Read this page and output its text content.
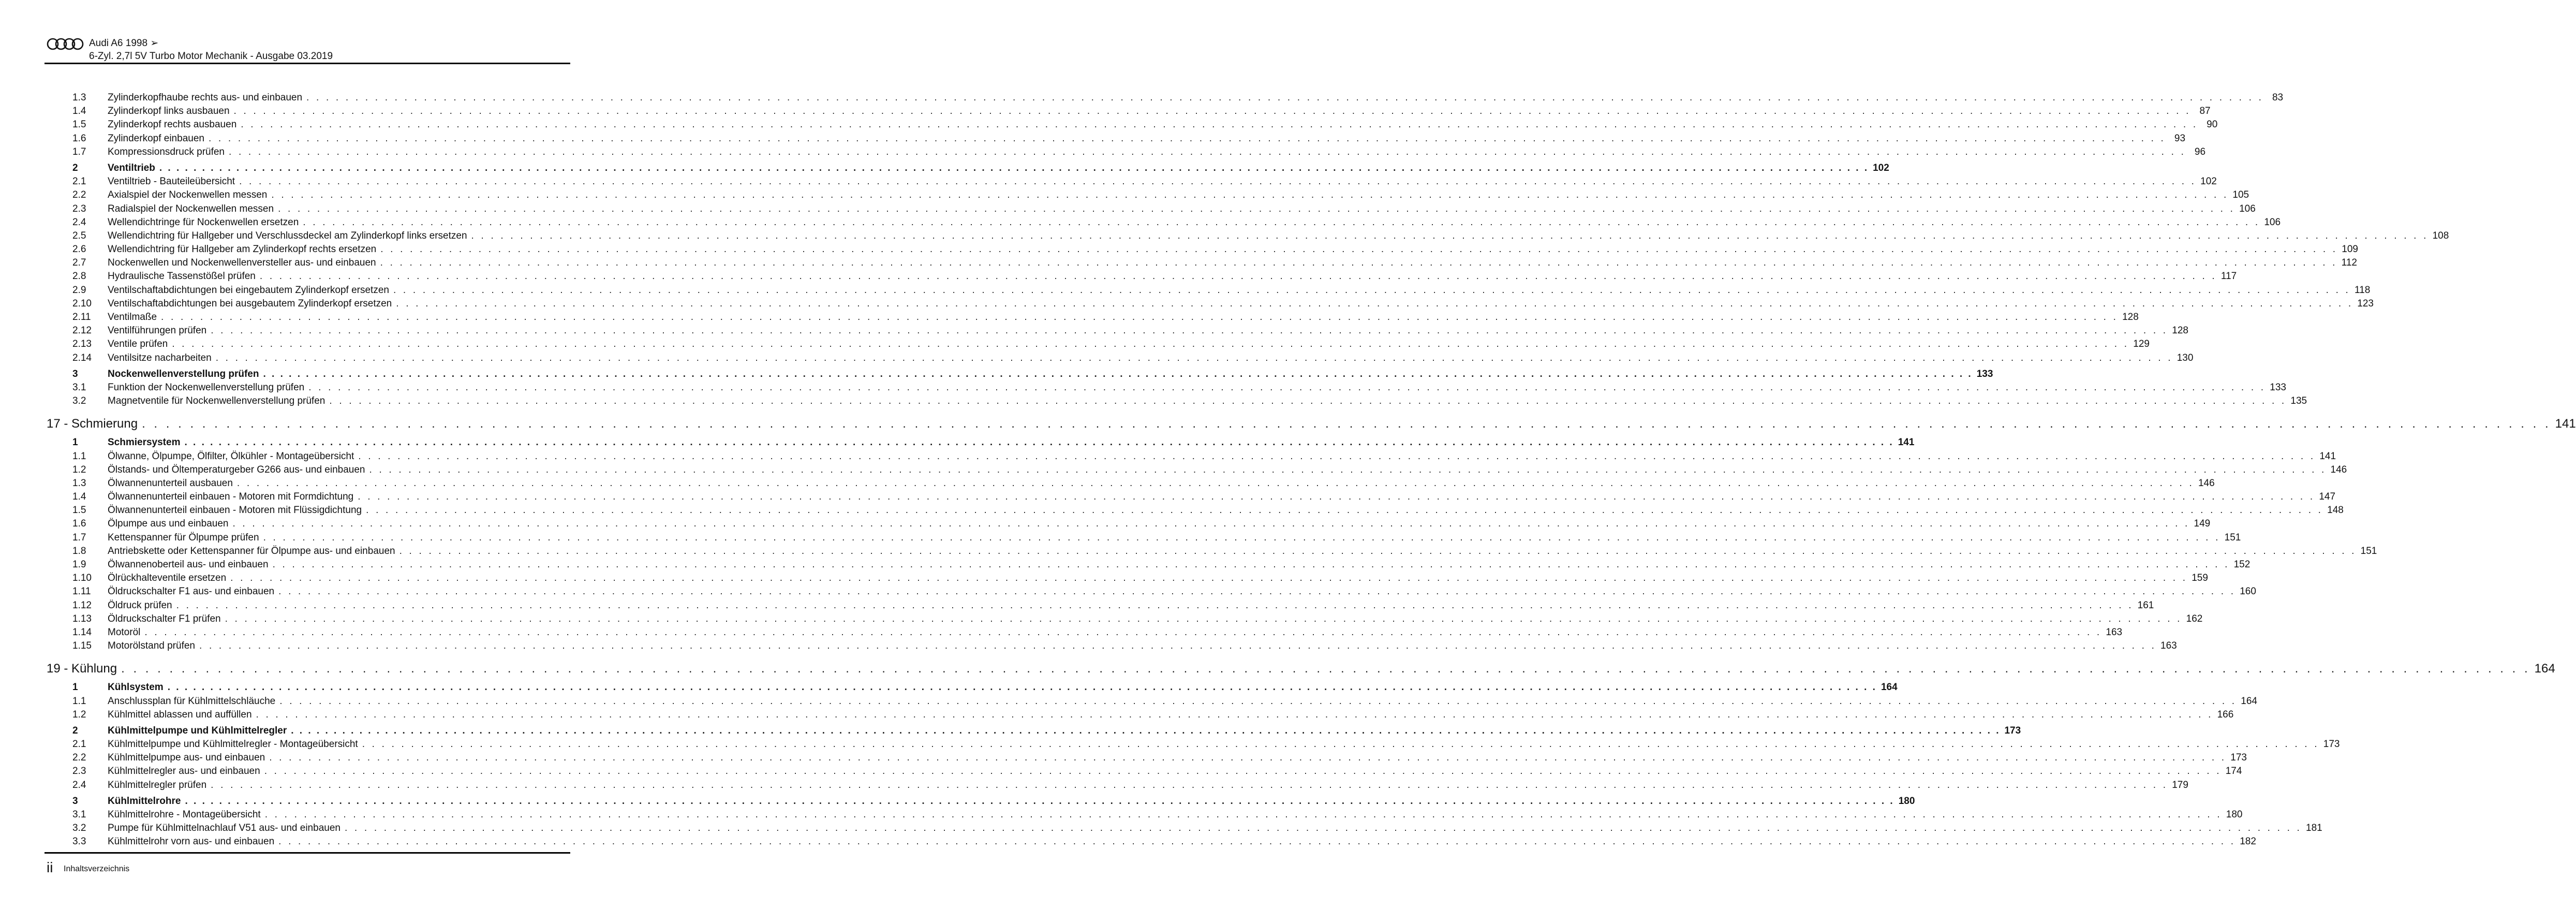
Audi A6 1998 ➢
6-Zyl. 2,7l 5V Turbo Motor Mechanik - Ausgabe 03.2019
1.3	Zylinderkopfhaube rechts aus- und einbauen . . . . . . . . . . . . . . . . . . . . . . . . . . . . . . . . . . . . . . . . . . . . . . . . . . . . . . . . . . . . . . . . . . . . . . . . . . . . . . . . . . . . . . . . . . . . . . . . . . . . . . . . . . . . . . . . . . . . . . . . . . . . . . . . . . . . . . . . . . . . . . . . . . . . . . . . . . . . . . . . . . . . . . . . . . . . . . . . . . . . . . . . . . . . . . . . . . . . . . . . 83
1.4	Zylinderkopf links ausbauen . . . . . . . . . . . . . . . . . . . . . . . . . . . . . . . . . . . . . . . . . . . . . . . . . . . . . . . . . . . . . . . . . . . . . . . . . . . . . . . . . . . . . . . . . . . . . . . . . . . . . . . . . . . . . . . . . . . . . . . . . . . . . . . . . . . . . . . . . . . . . . . . . . . . . . . . . . . . . . . . . . . . . . . . . . . . . . . . . . . . . . . . . . . . . . . . . . . . . . . . 87
1.5	Zylinderkopf rechts ausbauen . . . . . . . . . . . . . . . . . . . . . . . . . . . . . . . . . . . . . . . . . . . . . . . . . . . . . . . . . . . . . . . . . . . . . . . . . . . . . . . . . . . . . . . . . . . . . . . . . . . . . . . . . . . . . . . . . . . . . . . . . . . . . . . . . . . . . . . . . . . . . . . . . . . . . . . . . . . . . . . . . . . . . . . . . . . . . . . . . . . . . . . . . . . . . . . . . . . . . . . . 90
1.6	Zylinderkopf einbauen . . . . . . . . . . . . . . . . . . . . . . . . . . . . . . . . . . . . . . . . . . . . . . . . . . . . . . . . . . . . . . . . . . . . . . . . . . . . . . . . . . . . . . . . . . . . . . . . . . . . . . . . . . . . . . . . . . . . . . . . . . . . . . . . . . . . . . . . . . . . . . . . . . . . . . . . . . . . . . . . . . . . . . . . . . . . . . . . . . . . . . . . . . . . . . . . . . . . . . . . 93
1.7	Kompressionsdruck prüfen . . . . . . . . . . . . . . . . . . . . . . . . . . . . . . . . . . . . . . . . . . . . . . . . . . . . . . . . . . . . . . . . . . . . . . . . . . . . . . . . . . . . . . . . . . . . . . . . . . . . . . . . . . . . . . . . . . . . . . . . . . . . . . . . . . . . . . . . . . . . . . . . . . . . . . . . . . . . . . . . . . . . . . . . . . . . . . . . . . . . . . . . . . . . . . . . . . . . . . . . 96
2	Ventiltrieb . . . . . . . . . . . . . . . . . . . . . . . . . . . . . . . . . . . . . . . . . . . . . . . . . . . . . . . . . . . . . . . . . . . . . . . . . . . . . . . . . . . . . . . . . . . . . . . . . . . . . . . . . . . . . . . . . . . . . . . . . . . . . . . . . . . . . . . . . . . . . . . . . . . . . . . . . . . . . . . . . . . . . . . . . . . . . . . . . . . . . . . . . . . . . . . . . . . . . . . . 102
2.1	Ventiltrieb - Bauteileübersicht . . . . . . . . . . . . . . . . . . . . . . . . . . . . . . . . . . . . . . . . . . . . . . . . . . . . . . . . . . . . . . . . . . . . . . . . . . . . . . . . . . . . . . . . . . . . . . . . . . . . . . . . . . . . . . . . . . . . . . . . . . . . . . . . . . . . . . . . . . . . . . . . . . . . . . . . . . . . . . . . . . . . . . . . . . . . . . . . . . . . . . . . . . . . . . . . . . . . . . . . 102
2.2	Axialspiel der Nockenwellen messen . . . . . . . . . . . . . . . . . . . . . . . . . . . . . . . . . . . . . . . . . . . . . . . . . . . . . . . . . . . . . . . . . . . . . . . . . . . . . . . . . . . . . . . . . . . . . . . . . . . . . . . . . . . . . . . . . . . . . . . . . . . . . . . . . . . . . . . . . . . . . . . . . . . . . . . . . . . . . . . . . . . . . . . . . . . . . . . . . . . . . . . . . . . . . . . . . . . . . . . . 105
2.3	Radialspiel der Nockenwellen messen . . . . . . . . . . . . . . . . . . . . . . . . . . . . . . . . . . . . . . . . . . . . . . . . . . . . . . . . . . . . . . . . . . . . . . . . . . . . . . . . . . . . . . . . . . . . . . . . . . . . . . . . . . . . . . . . . . . . . . . . . . . . . . . . . . . . . . . . . . . . . . . . . . . . . . . . . . . . . . . . . . . . . . . . . . . . . . . . . . . . . . . . . . . . . . . . . . . . . . . . 106
2.4	Wellendichtringe für Nockenwellen ersetzen . . . . . . . . . . . . . . . . . . . . . . . . . . . . . . . . . . . . . . . . . . . . . . . . . . . . . . . . . . . . . . . . . . . . . . . . . . . . . . . . . . . . . . . . . . . . . . . . . . . . . . . . . . . . . . . . . . . . . . . . . . . . . . . . . . . . . . . . . . . . . . . . . . . . . . . . . . . . . . . . . . . . . . . . . . . . . . . . . . . . . . . . . . . . . . . . . . . . . . . . 106
2.5	Wellendichtring für Hallgeber und Verschlussdeckel am Zylinderkopf links ersetzen . . . . . . . . . . . . . . . . . . . . . . . . . . . . . . . . . . . . . . . . . . . . . . . . . . . . . . . . . . . . . . . . . . . . . . . . . . . . . . . . . . . . . . . . . . . . . . . . . . . . . . . . . . . . . . . . . . . . . . . . . . . . . . . . . . . . . . . . . . . . . . . . . . . . . . . . . . . . . . . . . . . . . . . . . . . . . . . . . . . . . . . . . . . . . . . . . . . . . . . . 108
2.6	Wellendichtring für Hallgeber am Zylinderkopf rechts ersetzen . . . . . . . . . . . . . . . . . . . . . . . . . . . . . . . . . . . . . . . . . . . . . . . . . . . . . . . . . . . . . . . . . . . . . . . . . . . . . . . . . . . . . . . . . . . . . . . . . . . . . . . . . . . . . . . . . . . . . . . . . . . . . . . . . . . . . . . . . . . . . . . . . . . . . . . . . . . . . . . . . . . . . . . . . . . . . . . . . . . . . . . . . . . . . . . . . . . . . . . . 109
2.7	Nockenwellen und Nockenwellenversteller aus- und einbauen . . . . . . . . . . . . . . . . . . . . . . . . . . . . . . . . . . . . . . . . . . . . . . . . . . . . . . . . . . . . . . . . . . . . . . . . . . . . . . . . . . . . . . . . . . . . . . . . . . . . . . . . . . . . . . . . . . . . . . . . . . . . . . . . . . . . . . . . . . . . . . . . . . . . . . . . . . . . . . . . . . . . . . . . . . . . . . . . . . . . . . . . . . . . . . . . . . . . . . . . 112
2.8	Hydraulische Tassenstößel prüfen . . . . . . . . . . . . . . . . . . . . . . . . . . . . . . . . . . . . . . . . . . . . . . . . . . . . . . . . . . . . . . . . . . . . . . . . . . . . . . . . . . . . . . . . . . . . . . . . . . . . . . . . . . . . . . . . . . . . . . . . . . . . . . . . . . . . . . . . . . . . . . . . . . . . . . . . . . . . . . . . . . . . . . . . . . . . . . . . . . . . . . . . . . . . . . . . . . . . . . . . 117
2.9	Ventilschaftabdichtungen bei eingebautem Zylinderkopf ersetzen . . . . . . . . . . . . . . . . . . . . . . . . . . . . . . . . . . . . . . . . . . . . . . . . . . . . . . . . . . . . . . . . . . . . . . . . . . . . . . . . . . . . . . . . . . . . . . . . . . . . . . . . . . . . . . . . . . . . . . . . . . . . . . . . . . . . . . . . . . . . . . . . . . . . . . . . . . . . . . . . . . . . . . . . . . . . . . . . . . . . . . . . . . . . . . . . . . . . . . . . 118
2.10	Ventilschaftabdichtungen bei ausgebautem Zylinderkopf ersetzen . . . . . . . . . . . . . . . . . . . . . . . . . . . . . . . . . . . . . . . . . . . . . . . . . . . . . . . . . . . . . . . . . . . . . . . . . . . . . . . . . . . . . . . . . . . . . . . . . . . . . . . . . . . . . . . . . . . . . . . . . . . . . . . . . . . . . . . . . . . . . . . . . . . . . . . . . . . . . . . . . . . . . . . . . . . . . . . . . . . . . . . . . . . . . . . . . . . . . . . . 123
2.11	Ventilmaße . . . . . . . . . . . . . . . . . . . . . . . . . . . . . . . . . . . . . . . . . . . . . . . . . . . . . . . . . . . . . . . . . . . . . . . . . . . . . . . . . . . . . . . . . . . . . . . . . . . . . . . . . . . . . . . . . . . . . . . . . . . . . . . . . . . . . . . . . . . . . . . . . . . . . . . . . . . . . . . . . . . . . . . . . . . . . . . . . . . . . . . . . . . . . . . . . . . . . . . . 128
2.12	Ventilführungen prüfen . . . . . . . . . . . . . . . . . . . . . . . . . . . . . . . . . . . . . . . . . . . . . . . . . . . . . . . . . . . . . . . . . . . . . . . . . . . . . . . . . . . . . . . . . . . . . . . . . . . . . . . . . . . . . . . . . . . . . . . . . . . . . . . . . . . . . . . . . . . . . . . . . . . . . . . . . . . . . . . . . . . . . . . . . . . . . . . . . . . . . . . . . . . . . . . . . . . . . . . . 128
2.13	Ventile prüfen . . . . . . . . . . . . . . . . . . . . . . . . . . . . . . . . . . . . . . . . . . . . . . . . . . . . . . . . . . . . . . . . . . . . . . . . . . . . . . . . . . . . . . . . . . . . . . . . . . . . . . . . . . . . . . . . . . . . . . . . . . . . . . . . . . . . . . . . . . . . . . . . . . . . . . . . . . . . . . . . . . . . . . . . . . . . . . . . . . . . . . . . . . . . . . . . . . . . . . . . 129
2.14	Ventilsitze nacharbeiten . . . . . . . . . . . . . . . . . . . . . . . . . . . . . . . . . . . . . . . . . . . . . . . . . . . . . . . . . . . . . . . . . . . . . . . . . . . . . . . . . . . . . . . . . . . . . . . . . . . . . . . . . . . . . . . . . . . . . . . . . . . . . . . . . . . . . . . . . . . . . . . . . . . . . . . . . . . . . . . . . . . . . . . . . . . . . . . . . . . . . . . . . . . . . . . . . . . . . . . . 130
3	Nockenwellenverstellung prüfen . . . . . . . . . . . . . . . . . . . . . . . . . . . . . . . . . . . . . . . . . . . . . . . . . . . . . . . . . . . . . . . . . . . . . . . . . . . . . . . . . . . . . . . . . . . . . . . . . . . . . . . . . . . . . . . . . . . . . . . . . . . . . . . . . . . . . . . . . . . . . . . . . . . . . . . . . . . . . . . . . . . . . . . . . . . . . . . . . . . . . . . . . . . . . . . . . . . . . . . . 133
3.1	Funktion der Nockenwellenverstellung prüfen . . . . . . . . . . . . . . . . . . . . . . . . . . . . . . . . . . . . . . . . . . . . . . . . . . . . . . . . . . . . . . . . . . . . . . . . . . . . . . . . . . . . . . . . . . . . . . . . . . . . . . . . . . . . . . . . . . . . . . . . . . . . . . . . . . . . . . . . . . . . . . . . . . . . . . . . . . . . . . . . . . . . . . . . . . . . . . . . . . . . . . . . . . . . . . . . . . . . . . . . 133
3.2	Magnetventile für Nockenwellenverstellung prüfen . . . . . . . . . . . . . . . . . . . . . . . . . . . . . . . . . . . . . . . . . . . . . . . . . . . . . . . . . . . . . . . . . . . . . . . . . . . . . . . . . . . . . . . . . . . . . . . . . . . . . . . . . . . . . . . . . . . . . . . . . . . . . . . . . . . . . . . . . . . . . . . . . . . . . . . . . . . . . . . . . . . . . . . . . . . . . . . . . . . . . . . . . . . . . . . . . . . . . . . . 135
17 - Schmierung . . . . . . . . . . . . . . . . . . . . . . . . . . . . . . . . . . . . . . . . . . . . . . . . . . . . . . . . . . . . . . . . . . . . . . . . . . . . . . . . . . . . . . . . . . . . . . . . . . . . . . . . . . . . . . . . . . . . . . . . . . . . . . . . . . . . . . . . . . . . . . . . . . . . . . . . . . . . . . . . . . . . . . . . . . . . . . . . . . . . . . . . . . . . . . . . . . . . . . . . 141
1	Schmiersystem . . . . . . . . . . . . . . . . . . . . . . . . . . . . . . . . . . . . . . . . . . . . . . . . . . . . . . . . . . . . . . . . . . . . . . . . . . . . . . . . . . . . . . . . . . . . . . . . . . . . . . . . . . . . . . . . . . . . . . . . . . . . . . . . . . . . . . . . . . . . . . . . . . . . . . . . . . . . . . . . . . . . . . . . . . . . . . . . . . . . . . . . . . . . . . . . . . . . . . . . 141
1.1	Ölwanne, Ölpumpe, Ölfilter, Ölkühler - Montageübersicht . . . . . . . . . . . . . . . . . . . . . . . . . . . . . . . . . . . . . . . . . . . . . . . . . . . . . . . . . . . . . . . . . . . . . . . . . . . . . . . . . . . . . . . . . . . . . . . . . . . . . . . . . . . . . . . . . . . . . . . . . . . . . . . . . . . . . . . . . . . . . . . . . . . . . . . . . . . . . . . . . . . . . . . . . . . . . . . . . . . . . . . . . . . . . . . . . . . . . . . . 141
1.2	Ölstands- und Öltemperaturgeber G266 aus- und einbauen . . . . . . . . . . . . . . . . . . . . . . . . . . . . . . . . . . . . . . . . . . . . . . . . . . . . . . . . . . . . . . . . . . . . . . . . . . . . . . . . . . . . . . . . . . . . . . . . . . . . . . . . . . . . . . . . . . . . . . . . . . . . . . . . . . . . . . . . . . . . . . . . . . . . . . . . . . . . . . . . . . . . . . . . . . . . . . . . . . . . . . . . . . . . . . . . . . . . . . . . 146
1.3	Ölwannenunterteil ausbauen . . . . . . . . . . . . . . . . . . . . . . . . . . . . . . . . . . . . . . . . . . . . . . . . . . . . . . . . . . . . . . . . . . . . . . . . . . . . . . . . . . . . . . . . . . . . . . . . . . . . . . . . . . . . . . . . . . . . . . . . . . . . . . . . . . . . . . . . . . . . . . . . . . . . . . . . . . . . . . . . . . . . . . . . . . . . . . . . . . . . . . . . . . . . . . . . . . . . . . . . 146
1.4	Ölwannenunterteil einbauen - Motoren mit Formdichtung . . . . . . . . . . . . . . . . . . . . . . . . . . . . . . . . . . . . . . . . . . . . . . . . . . . . . . . . . . . . . . . . . . . . . . . . . . . . . . . . . . . . . . . . . . . . . . . . . . . . . . . . . . . . . . . . . . . . . . . . . . . . . . . . . . . . . . . . . . . . . . . . . . . . . . . . . . . . . . . . . . . . . . . . . . . . . . . . . . . . . . . . . . . . . . . . . . . . . . . . 147
1.5	Ölwannenunterteil einbauen - Motoren mit Flüssigdichtung . . . . . . . . . . . . . . . . . . . . . . . . . . . . . . . . . . . . . . . . . . . . . . . . . . . . . . . . . . . . . . . . . . . . . . . . . . . . . . . . . . . . . . . . . . . . . . . . . . . . . . . . . . . . . . . . . . . . . . . . . . . . . . . . . . . . . . . . . . . . . . . . . . . . . . . . . . . . . . . . . . . . . . . . . . . . . . . . . . . . . . . . . . . . . . . . . . . . . . . . 148
1.6	Ölpumpe aus und einbauen . . . . . . . . . . . . . . . . . . . . . . . . . . . . . . . . . . . . . . . . . . . . . . . . . . . . . . . . . . . . . . . . . . . . . . . . . . . . . . . . . . . . . . . . . . . . . . . . . . . . . . . . . . . . . . . . . . . . . . . . . . . . . . . . . . . . . . . . . . . . . . . . . . . . . . . . . . . . . . . . . . . . . . . . . . . . . . . . . . . . . . . . . . . . . . . . . . . . . . . . 149
1.7	Kettenspanner für Ölpumpe prüfen . . . . . . . . . . . . . . . . . . . . . . . . . . . . . . . . . . . . . . . . . . . . . . . . . . . . . . . . . . . . . . . . . . . . . . . . . . . . . . . . . . . . . . . . . . . . . . . . . . . . . . . . . . . . . . . . . . . . . . . . . . . . . . . . . . . . . . . . . . . . . . . . . . . . . . . . . . . . . . . . . . . . . . . . . . . . . . . . . . . . . . . . . . . . . . . . . . . . . . . . 151
1.8	Antriebskette oder Kettenspanner für Ölpumpe aus- und einbauen . . . . . . . . . . . . . . . . . . . . . . . . . . . . . . . . . . . . . . . . . . . . . . . . . . . . . . . . . . . . . . . . . . . . . . . . . . . . . . . . . . . . . . . . . . . . . . . . . . . . . . . . . . . . . . . . . . . . . . . . . . . . . . . . . . . . . . . . . . . . . . . . . . . . . . . . . . . . . . . . . . . . . . . . . . . . . . . . . . . . . . . . . . . . . . . . . . . . . . . . 151
1.9	Ölwannenoberteil aus- und einbauen . . . . . . . . . . . . . . . . . . . . . . . . . . . . . . . . . . . . . . . . . . . . . . . . . . . . . . . . . . . . . . . . . . . . . . . . . . . . . . . . . . . . . . . . . . . . . . . . . . . . . . . . . . . . . . . . . . . . . . . . . . . . . . . . . . . . . . . . . . . . . . . . . . . . . . . . . . . . . . . . . . . . . . . . . . . . . . . . . . . . . . . . . . . . . . . . . . . . . . . . 152
1.10	Ölrückhalteventile ersetzen . . . . . . . . . . . . . . . . . . . . . . . . . . . . . . . . . . . . . . . . . . . . . . . . . . . . . . . . . . . . . . . . . . . . . . . . . . . . . . . . . . . . . . . . . . . . . . . . . . . . . . . . . . . . . . . . . . . . . . . . . . . . . . . . . . . . . . . . . . . . . . . . . . . . . . . . . . . . . . . . . . . . . . . . . . . . . . . . . . . . . . . . . . . . . . . . . . . . . . . . 159
1.11	Öldruckschalter F1 aus- und einbauen . . . . . . . . . . . . . . . . . . . . . . . . . . . . . . . . . . . . . . . . . . . . . . . . . . . . . . . . . . . . . . . . . . . . . . . . . . . . . . . . . . . . . . . . . . . . . . . . . . . . . . . . . . . . . . . . . . . . . . . . . . . . . . . . . . . . . . . . . . . . . . . . . . . . . . . . . . . . . . . . . . . . . . . . . . . . . . . . . . . . . . . . . . . . . . . . . . . . . . . . 160
1.12	Öldruck prüfen . . . . . . . . . . . . . . . . . . . . . . . . . . . . . . . . . . . . . . . . . . . . . . . . . . . . . . . . . . . . . . . . . . . . . . . . . . . . . . . . . . . . . . . . . . . . . . . . . . . . . . . . . . . . . . . . . . . . . . . . . . . . . . . . . . . . . . . . . . . . . . . . . . . . . . . . . . . . . . . . . . . . . . . . . . . . . . . . . . . . . . . . . . . . . . . . . . . . . . . . 161
1.13	Öldruckschalter F1 prüfen . . . . . . . . . . . . . . . . . . . . . . . . . . . . . . . . . . . . . . . . . . . . . . . . . . . . . . . . . . . . . . . . . . . . . . . . . . . . . . . . . . . . . . . . . . . . . . . . . . . . . . . . . . . . . . . . . . . . . . . . . . . . . . . . . . . . . . . . . . . . . . . . . . . . . . . . . . . . . . . . . . . . . . . . . . . . . . . . . . . . . . . . . . . . . . . . . . . . . . . . 162
1.14	Motoröl . . . . . . . . . . . . . . . . . . . . . . . . . . . . . . . . . . . . . . . . . . . . . . . . . . . . . . . . . . . . . . . . . . . . . . . . . . . . . . . . . . . . . . . . . . . . . . . . . . . . . . . . . . . . . . . . . . . . . . . . . . . . . . . . . . . . . . . . . . . . . . . . . . . . . . . . . . . . . . . . . . . . . . . . . . . . . . . . . . . . . . . . . . . . . . . . . . . . . . . . 163
1.15	Motorölstand prüfen . . . . . . . . . . . . . . . . . . . . . . . . . . . . . . . . . . . . . . . . . . . . . . . . . . . . . . . . . . . . . . . . . . . . . . . . . . . . . . . . . . . . . . . . . . . . . . . . . . . . . . . . . . . . . . . . . . . . . . . . . . . . . . . . . . . . . . . . . . . . . . . . . . . . . . . . . . . . . . . . . . . . . . . . . . . . . . . . . . . . . . . . . . . . . . . . . . . . . . . . 163
19 - Kühlung . . . . . . . . . . . . . . . . . . . . . . . . . . . . . . . . . . . . . . . . . . . . . . . . . . . . . . . . . . . . . . . . . . . . . . . . . . . . . . . . . . . . . . . . . . . . . . . . . . . . . . . . . . . . . . . . . . . . . . . . . . . . . . . . . . . . . . . . . . . . . . . . . . . . . . . . . . . . . . . . . . . . . . . . . . . . . . . . . . . . . . . . . . . . . . . . . . . . . . . . 164
1	Kühlsystem . . . . . . . . . . . . . . . . . . . . . . . . . . . . . . . . . . . . . . . . . . . . . . . . . . . . . . . . . . . . . . . . . . . . . . . . . . . . . . . . . . . . . . . . . . . . . . . . . . . . . . . . . . . . . . . . . . . . . . . . . . . . . . . . . . . . . . . . . . . . . . . . . . . . . . . . . . . . . . . . . . . . . . . . . . . . . . . . . . . . . . . . . . . . . . . . . . . . . . . . 164
1.1	Anschlussplan für Kühlmittelschläuche . . . . . . . . . . . . . . . . . . . . . . . . . . . . . . . . . . . . . . . . . . . . . . . . . . . . . . . . . . . . . . . . . . . . . . . . . . . . . . . . . . . . . . . . . . . . . . . . . . . . . . . . . . . . . . . . . . . . . . . . . . . . . . . . . . . . . . . . . . . . . . . . . . . . . . . . . . . . . . . . . . . . . . . . . . . . . . . . . . . . . . . . . . . . . . . . . . . . . . . . 164
1.2	Kühlmittel ablassen und auffüllen . . . . . . . . . . . . . . . . . . . . . . . . . . . . . . . . . . . . . . . . . . . . . . . . . . . . . . . . . . . . . . . . . . . . . . . . . . . . . . . . . . . . . . . . . . . . . . . . . . . . . . . . . . . . . . . . . . . . . . . . . . . . . . . . . . . . . . . . . . . . . . . . . . . . . . . . . . . . . . . . . . . . . . . . . . . . . . . . . . . . . . . . . . . . . . . . . . . . . . . . 166
2	Kühlmittelpumpe und Kühlmittelregler . . . . . . . . . . . . . . . . . . . . . . . . . . . . . . . . . . . . . . . . . . . . . . . . . . . . . . . . . . . . . . . . . . . . . . . . . . . . . . . . . . . . . . . . . . . . . . . . . . . . . . . . . . . . . . . . . . . . . . . . . . . . . . . . . . . . . . . . . . . . . . . . . . . . . . . . . . . . . . . . . . . . . . . . . . . . . . . . . . . . . . . . . . . . . . . . . . . . . . . . 173
2.1	Kühlmittelpumpe und Kühlmittelregler - Montageübersicht . . . . . . . . . . . . . . . . . . . . . . . . . . . . . . . . . . . . . . . . . . . . . . . . . . . . . . . . . . . . . . . . . . . . . . . . . . . . . . . . . . . . . . . . . . . . . . . . . . . . . . . . . . . . . . . . . . . . . . . . . . . . . . . . . . . . . . . . . . . . . . . . . . . . . . . . . . . . . . . . . . . . . . . . . . . . . . . . . . . . . . . . . . . . . . . . . . . . . . . . 173
2.2	Kühlmittelpumpe aus- und einbauen . . . . . . . . . . . . . . . . . . . . . . . . . . . . . . . . . . . . . . . . . . . . . . . . . . . . . . . . . . . . . . . . . . . . . . . . . . . . . . . . . . . . . . . . . . . . . . . . . . . . . . . . . . . . . . . . . . . . . . . . . . . . . . . . . . . . . . . . . . . . . . . . . . . . . . . . . . . . . . . . . . . . . . . . . . . . . . . . . . . . . . . . . . . . . . . . . . . . . . . . 173
2.3	Kühlmittelregler aus- und einbauen . . . . . . . . . . . . . . . . . . . . . . . . . . . . . . . . . . . . . . . . . . . . . . . . . . . . . . . . . . . . . . . . . . . . . . . . . . . . . . . . . . . . . . . . . . . . . . . . . . . . . . . . . . . . . . . . . . . . . . . . . . . . . . . . . . . . . . . . . . . . . . . . . . . . . . . . . . . . . . . . . . . . . . . . . . . . . . . . . . . . . . . . . . . . . . . . . . . . . . . . 174
2.4	Kühlmittelregler prüfen . . . . . . . . . . . . . . . . . . . . . . . . . . . . . . . . . . . . . . . . . . . . . . . . . . . . . . . . . . . . . . . . . . . . . . . . . . . . . . . . . . . . . . . . . . . . . . . . . . . . . . . . . . . . . . . . . . . . . . . . . . . . . . . . . . . . . . . . . . . . . . . . . . . . . . . . . . . . . . . . . . . . . . . . . . . . . . . . . . . . . . . . . . . . . . . . . . . . . . . . 179
3	Kühlmittelrohre . . . . . . . . . . . . . . . . . . . . . . . . . . . . . . . . . . . . . . . . . . . . . . . . . . . . . . . . . . . . . . . . . . . . . . . . . . . . . . . . . . . . . . . . . . . . . . . . . . . . . . . . . . . . . . . . . . . . . . . . . . . . . . . . . . . . . . . . . . . . . . . . . . . . . . . . . . . . . . . . . . . . . . . . . . . . . . . . . . . . . . . . . . . . . . . . . . . . . . . . 180
3.1	Kühlmittelrohre - Montageübersicht . . . . . . . . . . . . . . . . . . . . . . . . . . . . . . . . . . . . . . . . . . . . . . . . . . . . . . . . . . . . . . . . . . . . . . . . . . . . . . . . . . . . . . . . . . . . . . . . . . . . . . . . . . . . . . . . . . . . . . . . . . . . . . . . . . . . . . . . . . . . . . . . . . . . . . . . . . . . . . . . . . . . . . . . . . . . . . . . . . . . . . . . . . . . . . . . . . . . . . . . 180
3.2	Pumpe für Kühlmittelnachlauf V51 aus- und einbauen . . . . . . . . . . . . . . . . . . . . . . . . . . . . . . . . . . . . . . . . . . . . . . . . . . . . . . . . . . . . . . . . . . . . . . . . . . . . . . . . . . . . . . . . . . . . . . . . . . . . . . . . . . . . . . . . . . . . . . . . . . . . . . . . . . . . . . . . . . . . . . . . . . . . . . . . . . . . . . . . . . . . . . . . . . . . . . . . . . . . . . . . . . . . . . . . . . . . . . . . 181
3.3	Kühlmittelrohr vorn aus- und einbauen . . . . . . . . . . . . . . . . . . . . . . . . . . . . . . . . . . . . . . . . . . . . . . . . . . . . . . . . . . . . . . . . . . . . . . . . . . . . . . . . . . . . . . . . . . . . . . . . . . . . . . . . . . . . . . . . . . . . . . . . . . . . . . . . . . . . . . . . . . . . . . . . . . . . . . . . . . . . . . . . . . . . . . . . . . . . . . . . . . . . . . . . . . . . . . . . . . . . . . . . 182
ii Inhaltsverzeichnis
